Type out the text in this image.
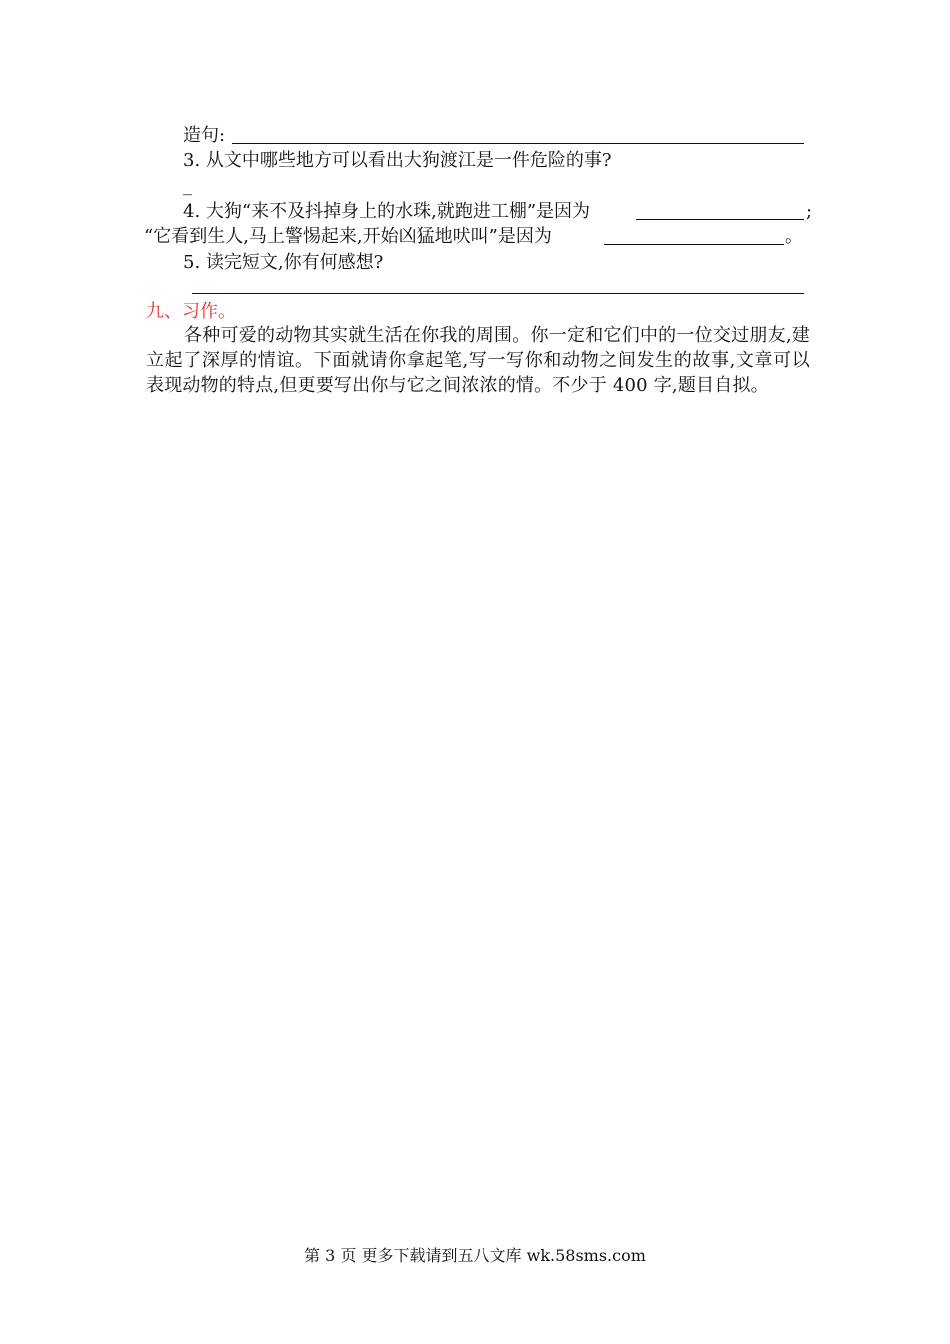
造句:
3. 从文中哪些地方可以看出大狗渡江是一件危险的事?
_
4. 大狗“来不及抖掉身上的水珠,就跑进工棚”是因为	;
“它看到生人,马上警惕起来,开始凶猛地吠叫”是因为	。
5. 读完短文,你有何感想?
九、习作。
各种可爱的动物其实就生活在你我的周围。你一定和它们中的一位交过朋友,建立起了深厚的情谊。下面就请你拿起笔,写一写你和动物之间发生的故事,文章可以表现动物的特点,但更要写出你与它之间浓浓的情。不少于 400 字,题目自拟。
第 3 页 更多下载请到五八文库 wk.58sms.com
